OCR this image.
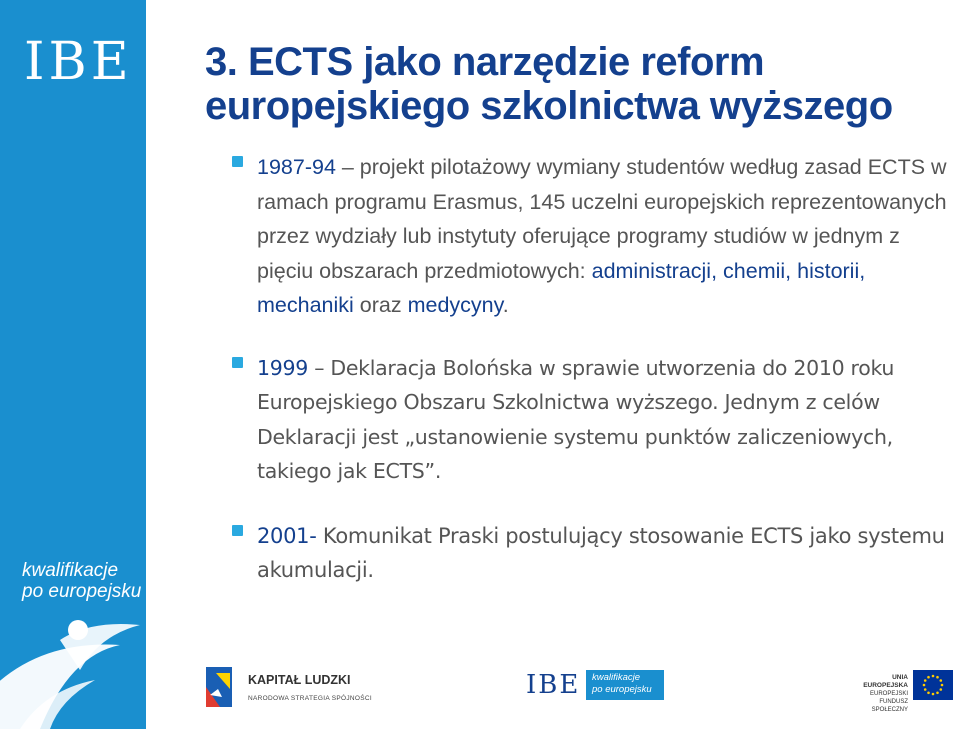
IBE
kwalifikacje
po europejsku
3. ECTS jako narzędzie reform
europejskiego szkolnictwa wyższego
1987-94 – projekt pilotażowy wymiany studentów według zasad ECTS w ramach programu Erasmus, 145 uczelni europejskich reprezentowanych przez wydziały lub instytuty oferujące programy studiów w jednym z pięciu obszarach przedmiotowych: administracji, chemii, historii, mechaniki oraz medycyny.
1999 – Deklaracja Bolońska w sprawie utworzenia do 2010 roku Europejskiego Obszaru Szkolnictwa wyższego. Jednym z celów Deklaracji jest „ustanowienie systemu punktów zaliczeniowych, takiego jak ECTS”.
2001- Komunikat Praski postulujący stosowanie ECTS jako systemu akumulacji.
KAPITAŁ LUDZKI
NARODOWA STRATEGIA SPÓJNOŚCI	IBE kwalifikacje
po europejsku
UNIA EUROPEJSKA
EUROPEJSKI
FUNDUSZ SPOŁECZNY
